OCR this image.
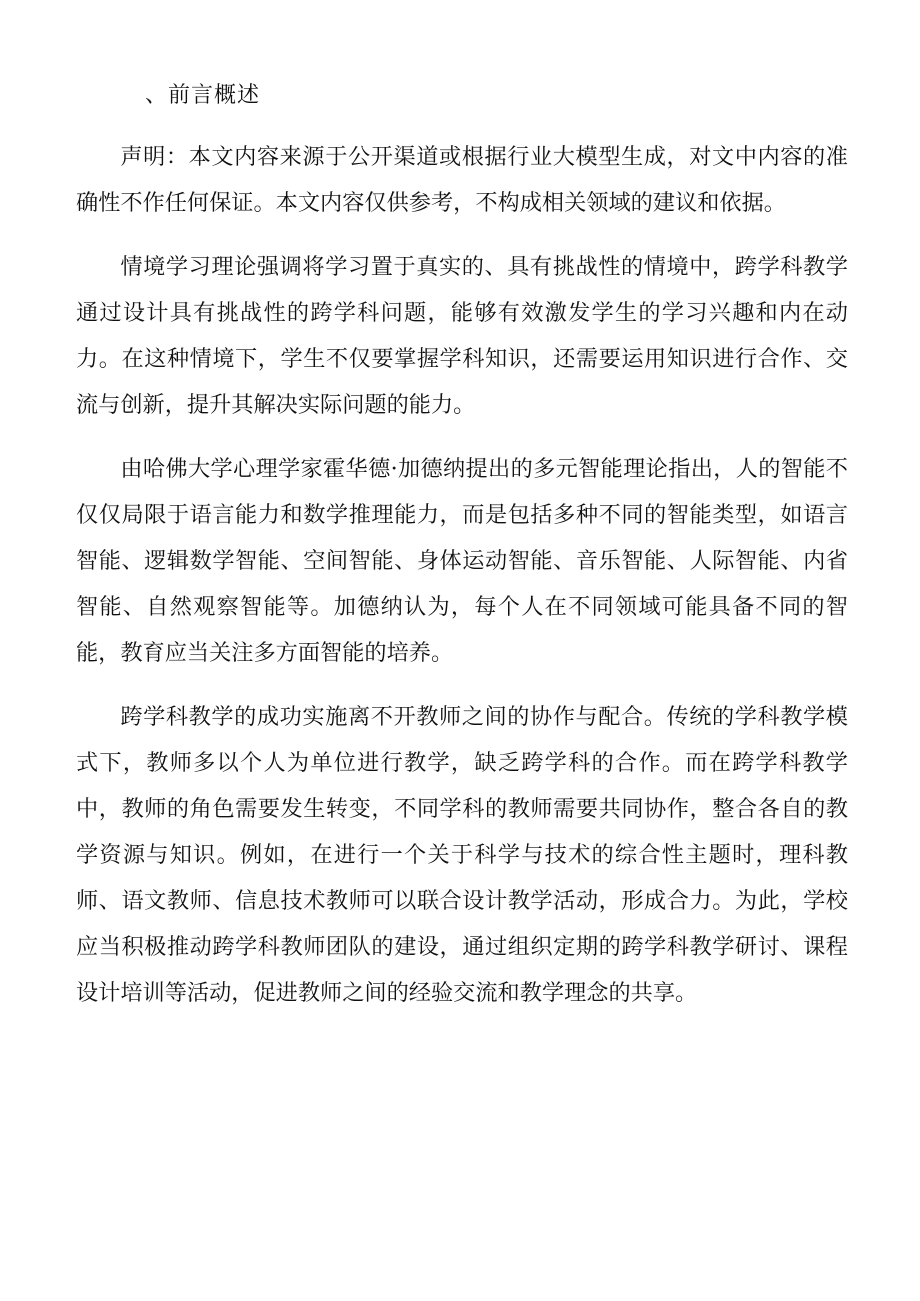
、前言概述

声明：本文内容来源于公开渠道或根据行业大模型生成，对文中内容的准确性不作任何保证。本文内容仅供参考，不构成相关领域的建议和依据。

情境学习理论强调将学习置于真实的、具有挑战性的情境中，跨学科教学通过设计具有挑战性的跨学科问题，能够有效激发学生的学习兴趣和内在动力。在这种情境下，学生不仅要掌握学科知识，还需要运用知识进行合作、交流与创新，提升其解决实际问题的能力。

由哈佛大学心理学家霍华德·加德纳提出的多元智能理论指出，人的智能不仅仅局限于语言能力和数学推理能力，而是包括多种不同的智能类型，如语言智能、逻辑数学智能、空间智能、身体运动智能、音乐智能、人际智能、内省智能、自然观察智能等。加德纳认为，每个人在不同领域可能具备不同的智能，教育应当关注多方面智能的培养。

跨学科教学的成功实施离不开教师之间的协作与配合。传统的学科教学模式下，教师多以个人为单位进行教学，缺乏跨学科的合作。而在跨学科教学中，教师的角色需要发生转变，不同学科的教师需要共同协作，整合各自的教学资源与知识。例如，在进行一个关于科学与技术的综合性主题时，理科教师、语文教师、信息技术教师可以联合设计教学活动，形成合力。为此，学校应当积极推动跨学科教师团队的建设，通过组织定期的跨学科教学研讨、课程设计培训等活动，促进教师之间的经验交流和教学理念的共享。
